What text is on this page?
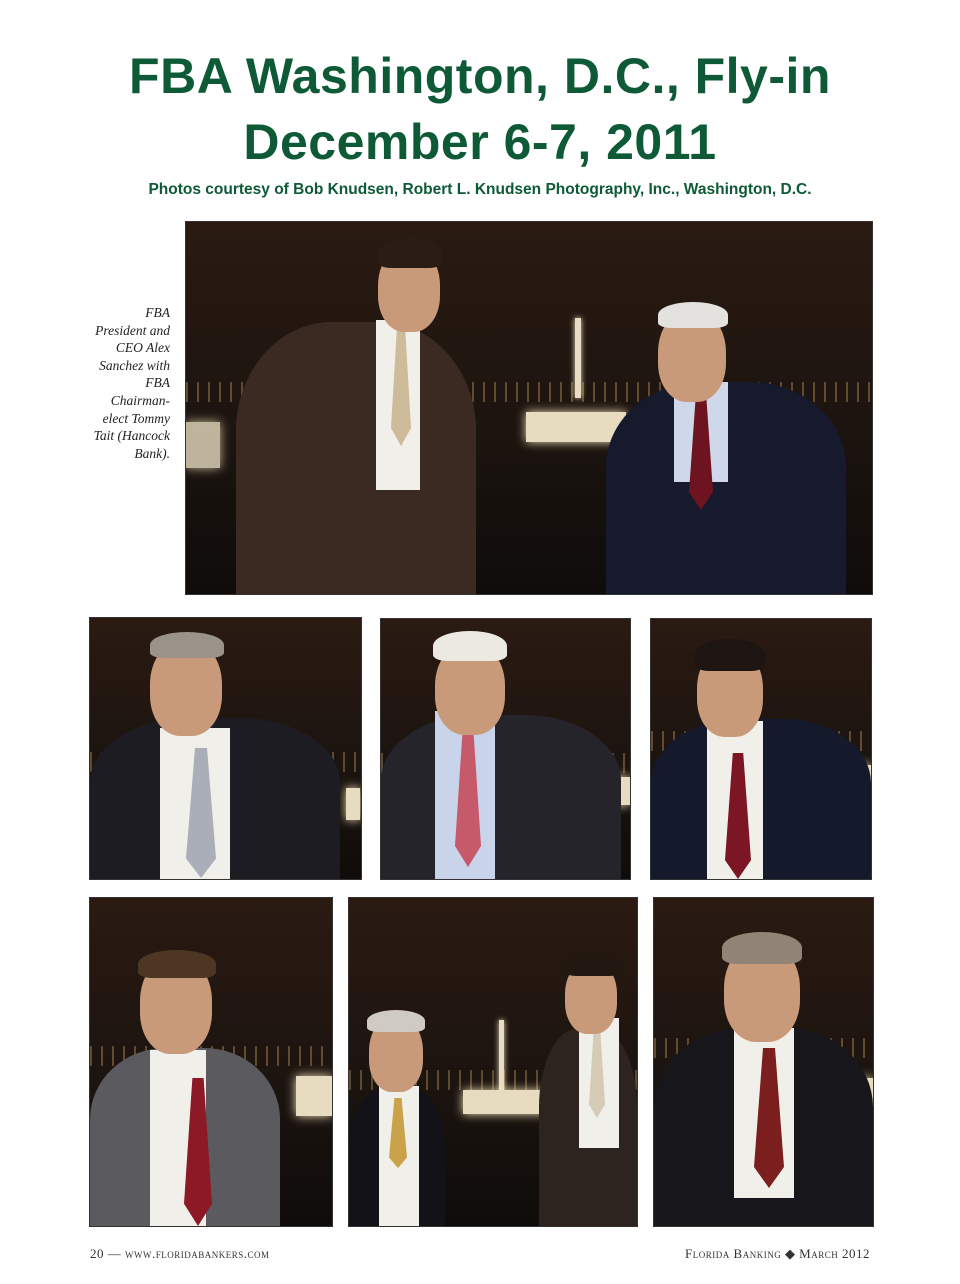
FBA Washington, D.C., Fly-in
December 6-7, 2011
Photos courtesy of Bob Knudsen, Robert L. Knudsen Photography, Inc., Washington, D.C.
FBA President and CEO Alex Sanchez with FBA Chairman-elect Tommy Tait (Hancock Bank).
20 — www.floridabankers.com	Florida Banking ◆ March 2012
